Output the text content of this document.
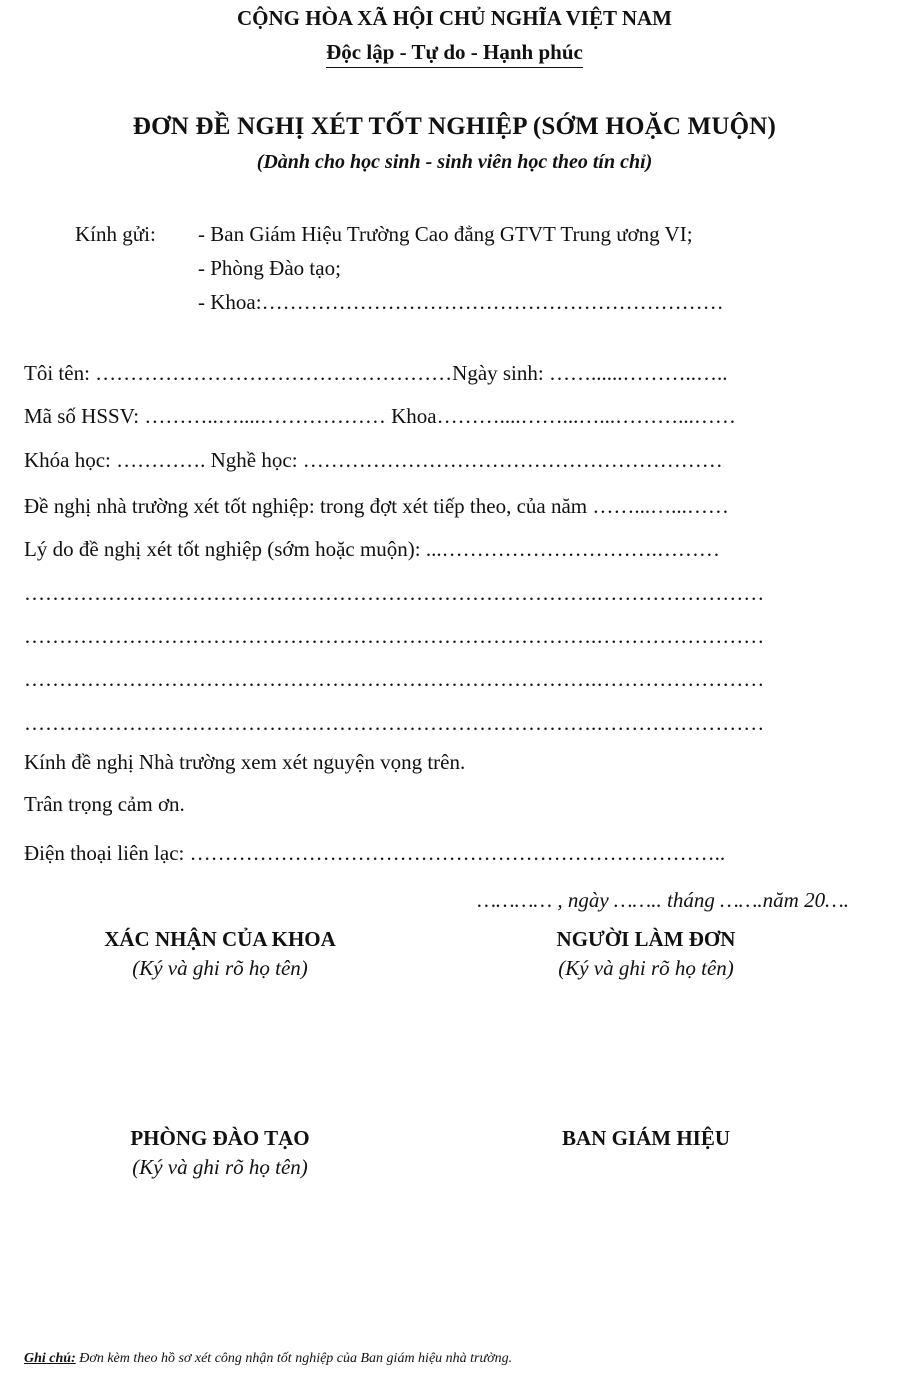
CỘNG HÒA XÃ HỘI CHỦ NGHĨA VIỆT NAM
Độc lập - Tự do - Hạnh phúc
ĐƠN ĐỀ NGHỊ XÉT TỐT NGHIỆP (SỚM HOẶC MUỘN)
(Dành cho học sinh - sinh viên học theo tín chỉ)
Kính gửi: - Ban Giám Hiệu Trường Cao đẳng GTVT Trung ương VI;
- Phòng Đào tạo;
- Khoa:…………………………………………………………
Tôi tên: ……………………………………………Ngày sinh: ……......………..…..
Mã số HSSV: ………..…....……………… Khoa………....……...…...………...……
Khóa học: …………. Nghề học: ……………………………………………………
Đề nghị nhà trường xét tốt nghiệp: trong đợt xét tiếp theo, của năm ……...…...……
Lý do đề nghị xét tốt nghiệp (sớm hoặc muộn): ...………………………….………
……………………………………………………………………….……………………
……………………………………………………………………….……………………
……………………………………………………………………….……………………
……………………………………………………………………….……………………
Kính đề nghị Nhà trường xem xét nguyện vọng trên.
Trân trọng cảm ơn.
Điện thoại liên lạc: …………………………………………………………………..
………… , ngày …….. tháng …….năm 20….
XÁC NHẬN CỦA KHOA
(Ký và ghi rõ họ tên)
NGƯỜI LÀM ĐƠN
(Ký và ghi rõ họ tên)
PHÒNG ĐÀO TẠO
(Ký và ghi rõ họ tên)
BAN GIÁM HIỆU
Ghi chú: Đơn kèm theo hồ sơ xét công nhận tốt nghiệp của Ban giám hiệu nhà trường.
